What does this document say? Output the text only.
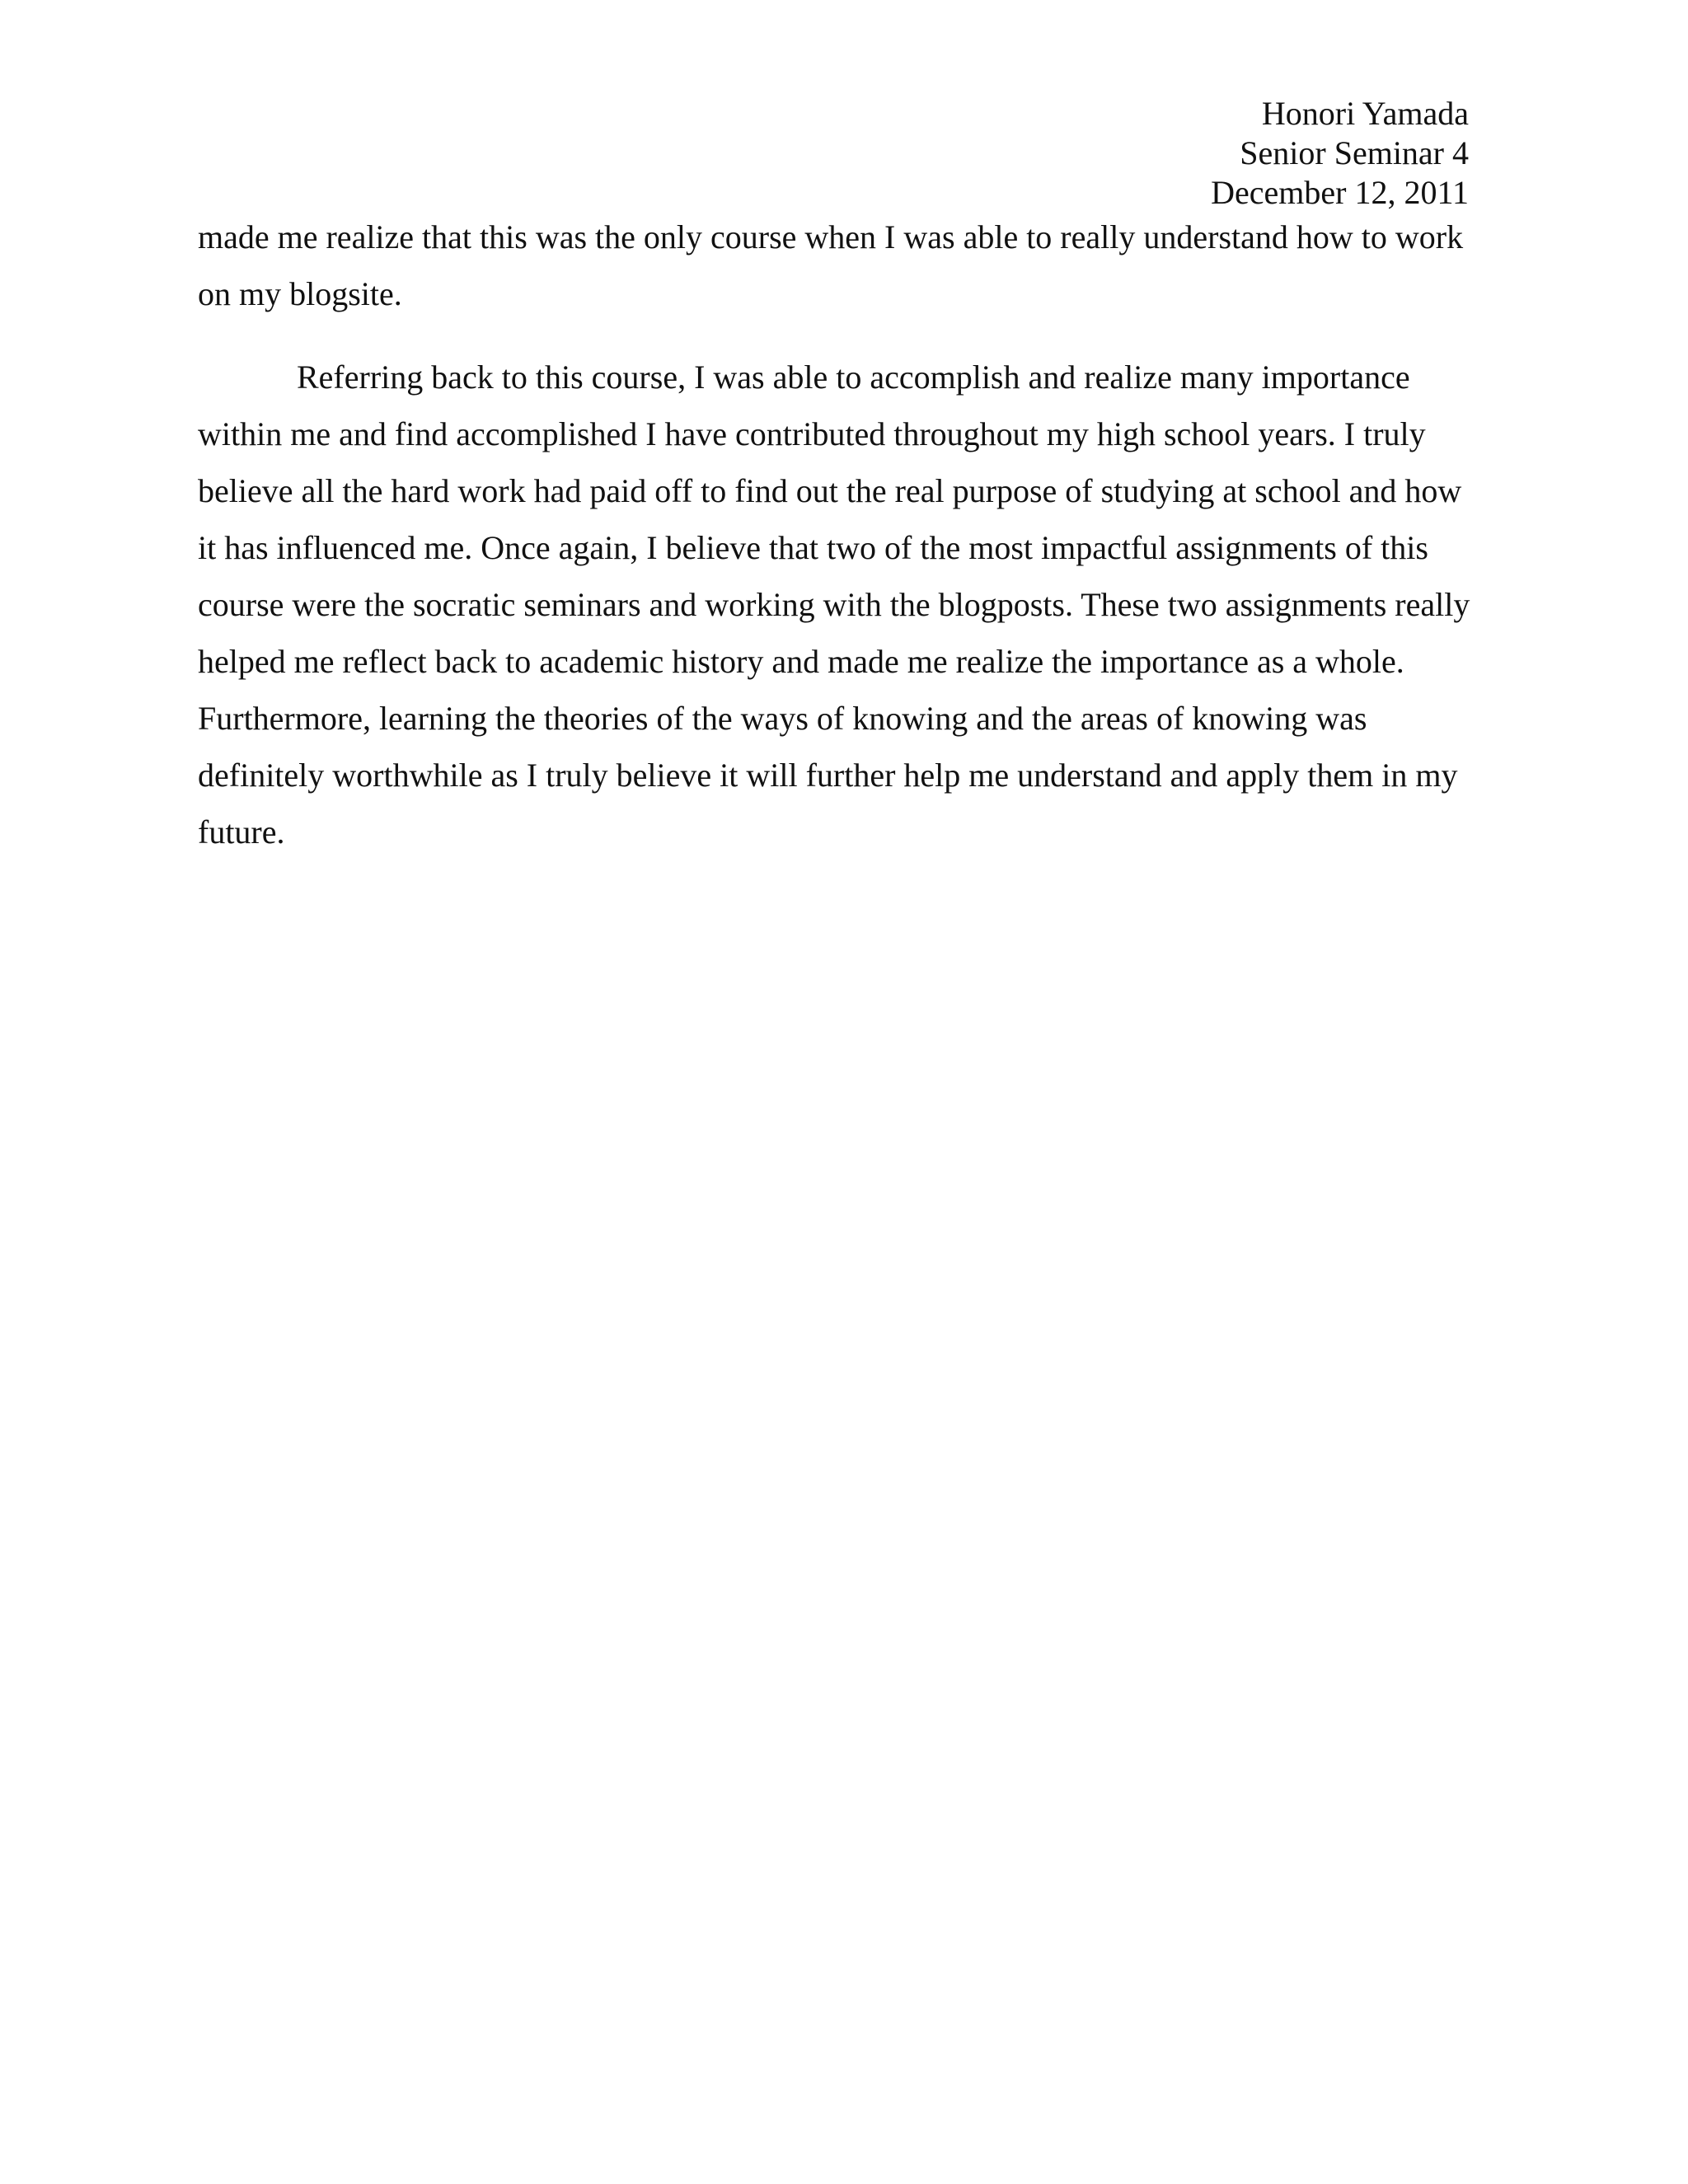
Honori Yamada
Senior Seminar 4
December 12, 2011
made me realize that this was the only course when I was able to really understand how to work
on my blogsite.
Referring back to this course, I was able to accomplish and realize many importance
within me and find accomplished I have contributed throughout my high school years. I truly
believe all the hard work had paid off to find out the real purpose of studying at school and how
it has influenced me. Once again, I believe that two of the most impactful assignments of this
course were the socratic seminars and working with the blogposts. These two assignments really
helped me reflect back to academic history and made me realize the importance as a whole.
Furthermore, learning the theories of the ways of knowing and the areas of knowing was
definitely worthwhile as I truly believe it will further help me understand and apply them in my
future.
